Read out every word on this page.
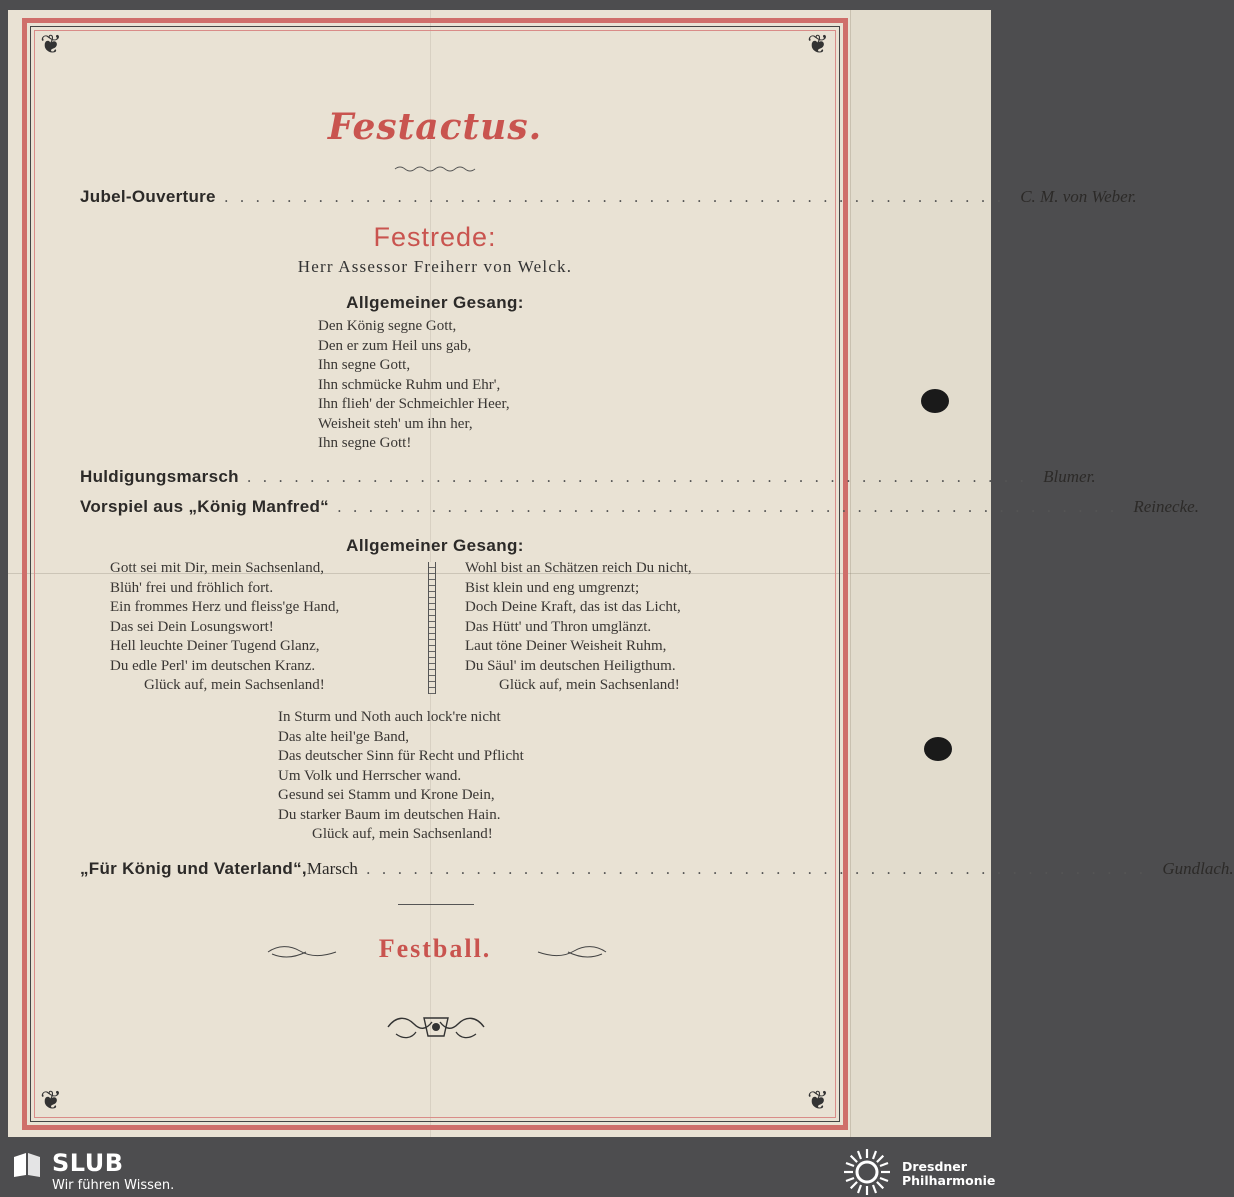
❦	❦
❦	❦
Festactus.
Jubel-Ouverture .................................................. C. M. von Weber.
Festrede:
Herr Assessor Freiherr von Welck.
Allgemeiner Gesang:
Den König segne Gott,
Den er zum Heil uns gab,
Ihn segne Gott,
Ihn schmücke Ruhm und Ehr',
Ihn flieh' der Schmeichler Heer,
Weisheit steh' um ihn her,
Ihn segne Gott!
Huldigungsmarsch .................................................. Blumer.
Vorspiel aus „König Manfred“ .................................................. Reinecke.
Allgemeiner Gesang:
Gott sei mit Dir, mein Sachsenland,
Blüh' frei und fröhlich fort.
Ein frommes Herz und fleiss'ge Hand,
Das sei Dein Losungswort!
Hell leuchte Deiner Tugend Glanz,
Du edle Perl' im deutschen Kranz.
Glück auf, mein Sachsenland!
Wohl bist an Schätzen reich Du nicht,
Bist klein und eng umgrenzt;
Doch Deine Kraft, das ist das Licht,
Das Hütt' und Thron umglänzt.
Laut töne Deiner Weisheit Ruhm,
Du Säul' im deutschen Heiligthum.
Glück auf, mein Sachsenland!
In Sturm und Noth auch lock're nicht
Das alte heil'ge Band,
Das deutscher Sinn für Recht und Pflicht
Um Volk und Herrscher wand.
Gesund sei Stamm und Krone Dein,
Du starker Baum im deutschen Hain.
Glück auf, mein Sachsenland!
„Für König und Vaterland“, Marsch .................................................. Gundlach.
Festball.
SLUB
Wir führen Wissen.
Dresdner
Philharmonie
